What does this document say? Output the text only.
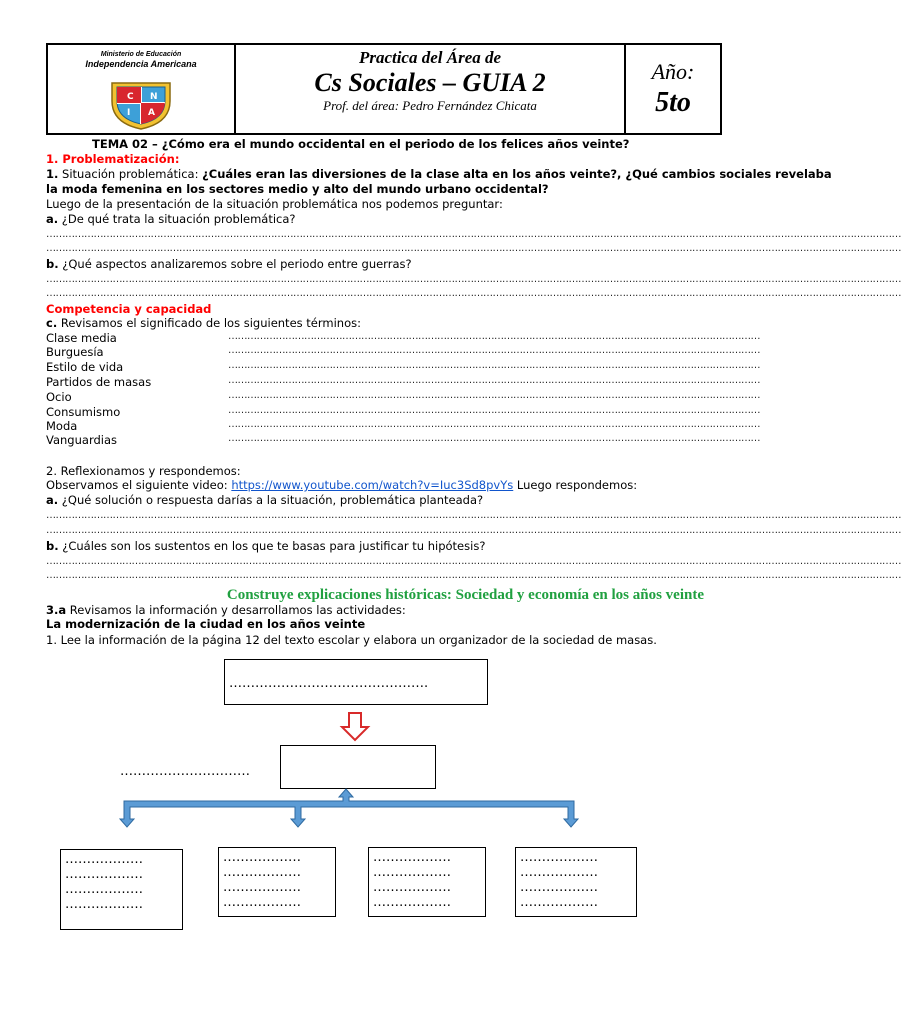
Ministerio de Educación
Independencia Americana
C N
I A
Practica del Área de
Cs Sociales – GUIA 2
Prof. del área: Pedro Fernández Chicata
Año:
5to
TEMA 02 – ¿Cómo era el mundo occidental en el periodo de los felices años veinte?
1. Problematización:
1. Situación problemática: ¿Cuáles eran las diversiones de la clase alta en los años veinte?, ¿Qué cambios sociales revelaba
la moda femenina en los sectores medio y alto del mundo urbano occidental?
Luego de la presentación de la situación problemática nos podemos preguntar:
a. ¿De qué trata la situación problemática?
………………………………………………………………………………………………………………………………………………………………………………………………………………………………………………
………………………………………………………………………………………………………………………………………………………………………………………………………………………………………………
b. ¿Qué aspectos analizaremos sobre el periodo entre guerras?
………………………………………………………………………………………………………………………………………………………………………………………………………………………………………………
………………………………………………………………………………………………………………………………………………………………………………………………………………………………………………
Competencia y capacidad
c. Revisamos el significado de los siguientes términos:
Clase media	……………………………………………………………………………………………………………………………………………………
Burguesía	……………………………………………………………………………………………………………………………………………………
Estilo de vida	……………………………………………………………………………………………………………………………………………………
Partidos de masas	……………………………………………………………………………………………………………………………………………………
Ocio	……………………………………………………………………………………………………………………………………………………
Consumismo	……………………………………………………………………………………………………………………………………………………
Moda	……………………………………………………………………………………………………………………………………………………
Vanguardias	……………………………………………………………………………………………………………………………………………………
2. Reflexionamos y respondemos:
Observamos el siguiente video: https://www.youtube.com/watch?v=Iuc3Sd8pvYs Luego respondemos:
a. ¿Qué solución o respuesta darías a la situación, problemática planteada?
………………………………………………………………………………………………………………………………………………………………………………………………………………………………………………
………………………………………………………………………………………………………………………………………………………………………………………………………………………………………………
b. ¿Cuáles son los sustentos en los que te basas para justificar tu hipótesis?
………………………………………………………………………………………………………………………………………………………………………………………………………………………………………………
………………………………………………………………………………………………………………………………………………………………………………………………………………………………………………
Construye explicaciones históricas: Sociedad y economía en los años veinte
3.a Revisamos la información y desarrollamos las actividades:
La modernización de la ciudad en los años veinte
1. Lee la información de la página 12 del texto escolar y elabora un organizador de la sociedad de masas.
……………………………………….
…………………………
………………
………………
………………
………………
………………
………………
………………
………………
………………
………………
………………
………………
………………
………………
………………
………………
